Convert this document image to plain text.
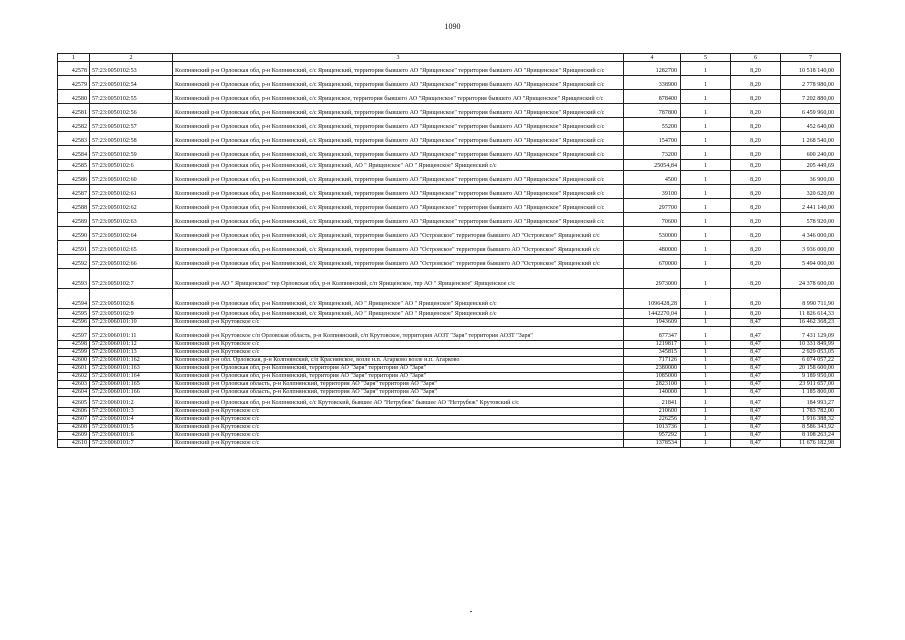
1090
1	2	3	4	5	6	7
42578	57:23:0050102:53	Колпнянский р-н Орловская обл, р-н Колпнянский, с/с Ярищенский, территория бывшего АО "Ярищенское" территория бывшего АО "Ярищенское" Ярищенский с/с	1282700	1	8,20	10 518 140,00
42579	57:23:0050102:54	Колпнянский р-н Орловская обл, р-н Колпнянский, с/с Ярищенский, территория бывшего АО "Ярищенское" территория бывшего АО "Ярищенское" Ярищенский с/с	338900	1	8,20	2 778 980,00
42580	57:23:0050102:55	Колпнянский р-н Орловская обл, р-н Колпнянский, с/с Ярищенское, территория бывшего АО "Ярищенское" территория бывшего АО "Ярищенское" Ярищенский с/с	878400	1	8,20	7 202 880,00
42581	57:23:0050102:56	Колпнянский р-н Орловская обл, р-н Колпнянский, с/с Ярищенский, территория бывшего АО "Ярищенское" территория бывшего АО "Ярищенское" Ярищенский с/с	787800	1	8,20	6 459 960,00
42582	57:23:0050102:57	Колпнянский р-н Орловская обл, р-н Колпнянский, с/с Ярищенский, территория бывшего АО "Ярищенское" территория бывшего АО "Ярищенское" Ярищенский с/с	55200	1	8,20	452 640,00
42583	57:23:0050102:58	Колпнянский р-н Орловская обл, р-н Колпнянский, с/с Ярищенский, территория бывшего АО "Ярищенское" территория бывшего АО "Ярищенское" Ярищенский с/с	154700	1	8,20	1 268 540,00
42584	57:23:0050102:59	Колпнянский р-н Орловская обл, р-н Колпнянский, с/с Ярищенский, территория бывшего АО "Ярищенское" территория бывшего АО "Ярищенское" Ярищенский с/с	73200	1	8,20	600 240,00
42585	57:23:0050102:6	Колпнянский р-н Орловская обл, р-н Колпнянский, с/с Ярищенский, АО " Ярищенское" АО " Ярищенское" Ярищенский с/с	25054,84	1	8,20	205 449,69
42586	57:23:0050102:60	Колпнянский р-н Орловская обл, р-н Колпнянский, с/с Ярищенский, территория бывшего АО "Ярищенское" территория бывшего АО "Ярищенское" Ярищенский с/с	4500	1	8,20	36 900,00
42587	57:23:0050102:61	Колпнянский р-н Орловская обл, р-н Колпнянский, с/с Ярищенский, территория бывшего АО "Ярищенское" территория бывшего АО "Ярищенское" Ярищенский с/с	39100	1	8,20	320 620,00
42588	57:23:0050102:62	Колпнянский р-н Орловская обл, р-н Колпнянский, с/с Ярищенский, территория бывшего АО "Ярищенское" территория бывшего АО "Ярищенское" Ярищенский с/с	297700	1	8,20	2 441 140,00
42589	57:23:0050102:63	Колпнянский р-н Орловская обл, р-н Колпнянский, с/с Ярищенский, территория бывшего АО "Ярищенское" территория бывшего АО "Ярищенское" Ярищенский с/с	70600	1	8,20	578 920,00
42590	57:23:0050102:64	Колпнянский р-н Орловская обл, р-н Колпнянский, с/с Ярищенский, территория бывшего АО "Островское" территория бывшего АО "Островское" Ярищенский с/с	530000	1	8,20	4 346 000,00
42591	57:23:0050102:65	Колпнянский р-н Орловская обл, р-н Колпнянский, с/с Ярищенский, территория бывшего АО "Островское" территория бывшего АО "Островское" Ярищенский с/с	480000	1	8,20	3 936 000,00
42592	57:23:0050102:66	Колпнянский р-н Орловская обл, р-н Колпнянский, с/с Ярищенский, территория бывшего АО "Островское" территория бывшего АО "Островское" Ярищенский с/с	670000	1	8,20	5 494 000,00
42593	57:23:0050102:7	Колпнянский р-н АО " Ярищенское" тер Орловская обл, р-н Колпнянский, с/п Ярищенское, тер АО " Ярищенское" Ярищенское с/с	2973000	1	8,20	24 378 600,00
42594	57:23:0050102:8	Колпнянский р-н Орловская обл, р-н Колпнянский, с/с Ярищенский, АО " Ярищенское" АО " Ярищенское" Ярищенский с/с	1096428,28	1	8,20	8 990 711,90
42595	57:23:0050102:9	Колпнянский р-н Орловская обл, р-н Колпнянский, с/с Ярищенский, АО " Ярищенское" АО " Ярищенское" Ярищенский с/с	1442270,04	1	8,20	11 826 614,33
42596	57:23:0060101:10	Колпнянский р-н Крутовское с/с	1943609	1	8,47	16 462 368,23
42597	57:23:0060101:11	Колпнянский р-н Крутовское с/п Орловская область, р-н Колпнянский, с/п Крутовское, территория АОЗТ "Заря" территория АОЗТ "Заря"	877347	1	8,47	7 431 129,09
42598	57:23:0060101:12	Колпнянский р-н Крутовское с/с	1219817	1	8,47	10 331 849,99
42599	57:23:0060101:13	Колпнянский р-н Крутовское с/с	345815	1	8,47	2 929 053,05
42600	57:23:0060101:162	Колпнянский р-н обл. Орловская, р-н Колпнянский, с/п Краснянское, возле н.п. Агарково возле н.п. Агарково	717126	1	8,47	6 074 057,22
42601	57:23:0060101:163	Колпнянский р-н Орловская обл, р-н Колпнянский, территория АО "Заря" территория АО "Заря"	2380000	1	8,47	20 158 600,00
42602	57:23:0060101:164	Колпнянский р-н Орловская обл, р-н Колпнянский, территория АО "Заря" территория АО "Заря"	1085000	1	8,47	9 189 950,00
42603	57:23:0060101:165	Колпнянский р-н Орловская область, р-н Колпнянский, территория АО "Заря" территория АО "Заря"	2823100	1	8,47	23 911 657,00
42604	57:23:0060101:166	Колпнянский р-н Орловская область, р-н Колпнянский, территория АО "Заря" территория АО "Заря"	140000	1	8,47	1 185 800,00
42605	57:23:0060101:2	Колпнянский р-н Орловская обл, р-н Колпнянский, с/с Крутовский, бывшее АО "Нетрубеж" бывшее АО "Нетрубеж" Крутовский с/с	21841	1	8,47	184 993,27
42606	57:23:0060101:3	Колпнянский р-н Крутовское с/с	210600	1	8,47	1 783 782,00
42607	57:23:0060101:4	Колпнянский р-н Крутовское с/с	226256	1	8,47	1 916 388,32
42608	57:23:0060101:5	Колпнянский р-н Крутовское с/с	1013736	1	8,47	8 586 343,92
42609	57:23:0060101:6	Колпнянский р-н Крутовское с/с	957292	1	8,47	8 108 263,24
42610	57:23:0060101:7	Колпнянский р-н Крутовское с/с	1378534	1	8,47	11 676 182,98
